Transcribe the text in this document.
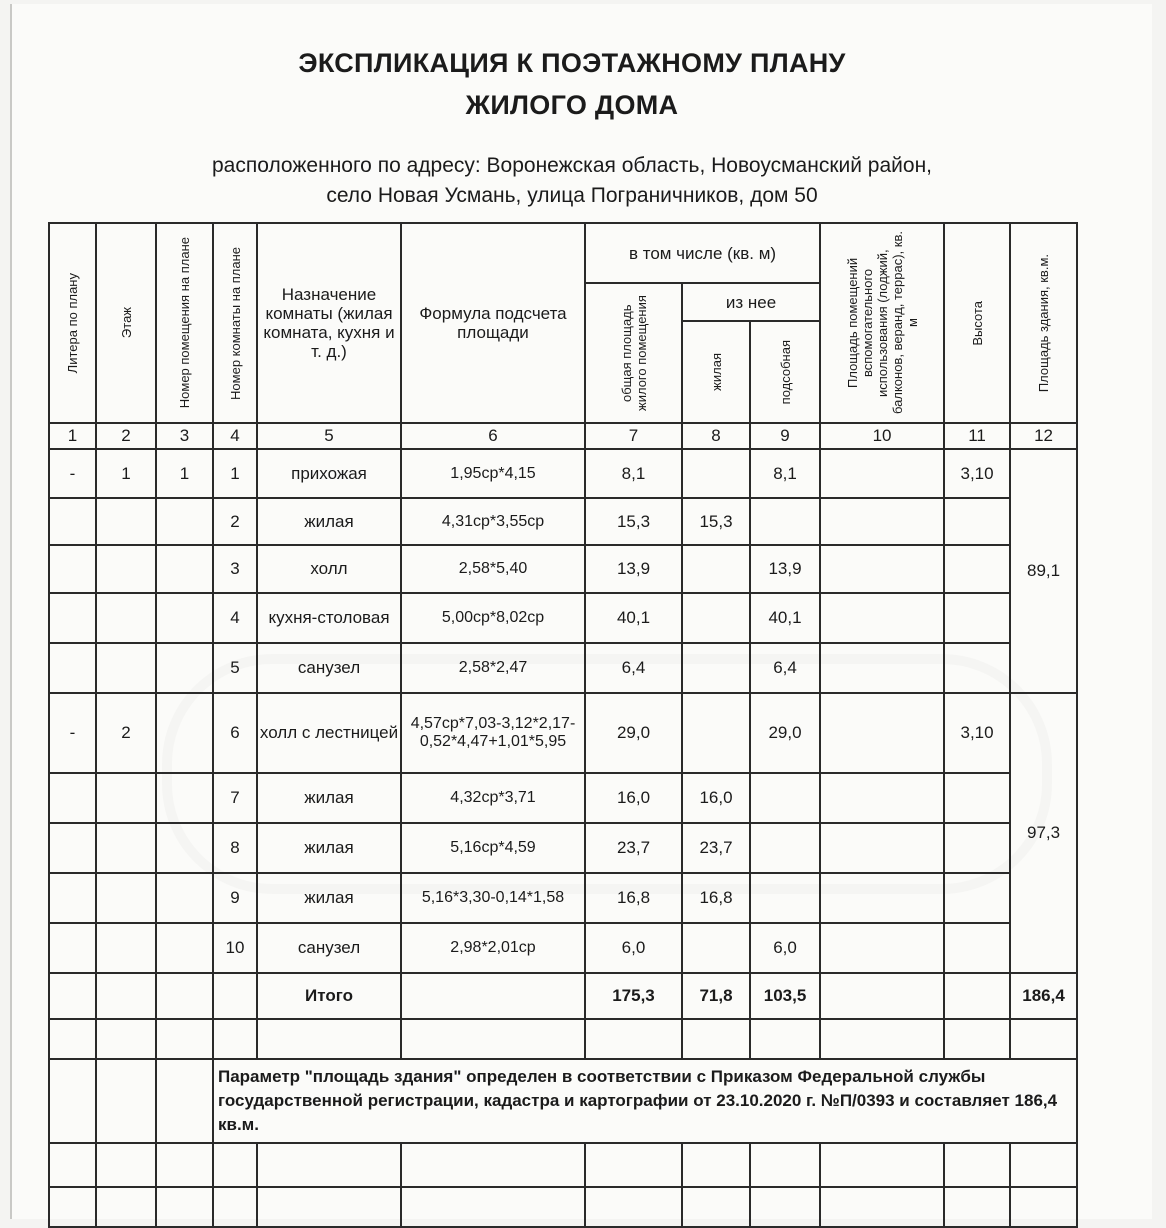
ЭКСПЛИКАЦИЯ К ПОЭТАЖНОМУ ПЛАНУ
ЖИЛОГО ДОМА
расположенного по адресу: Воронежская область, Новоусманский район,
село Новая Усмань, улица Пограничников, дом 50
Литера по плану	Этаж	Номер помещения на плане	Номер комнаты на плане	Назначение комнаты (жилая комната, кухня и т. д.)	Формула подсчета площади	в том числе (кв. м)			Площадь помещений вспомогательного использования (лоджий, балконов, веранд, террас), кв. м	Высота	Площадь здания, кв.м.

						общая площадь жилого помещения	из нее				

							жилая	подсобная			

1	2	3	4	5	6	7	8	9	10	11	12
-	1	1	1	прихожая	1,95ср*4,15	8,1		8,1		3,10	89,1
			2	жилая	4,31ср*3,55ср	15,3	15,3				
			3	холл	2,58*5,40	13,9		13,9			
			4	кухня-столовая	5,00ср*8,02ср	40,1		40,1			
			5	санузел	2,58*2,47	6,4		6,4			
-	2		6	холл с лестницей	4,57ср*7,03-3,12*2,17-0,52*4,47+1,01*5,95	29,0		29,0		3,10	97,3
			7	жилая	4,32ср*3,71	16,0	16,0				
			8	жилая	5,16ср*4,59	23,7	23,7				
			9	жилая	5,16*3,30-0,14*1,58	16,8	16,8				
			10	санузел	2,98*2,01ср	6,0		6,0			
				Итого		175,3	71,8	103,5			186,4

			Параметр "площадь здания" определен в соответствии с Приказом Федеральной службы государственной регистрации, кадастра и картографии от 23.10.2020 г. №П/0393 и составляет 186,4 кв.м.								
